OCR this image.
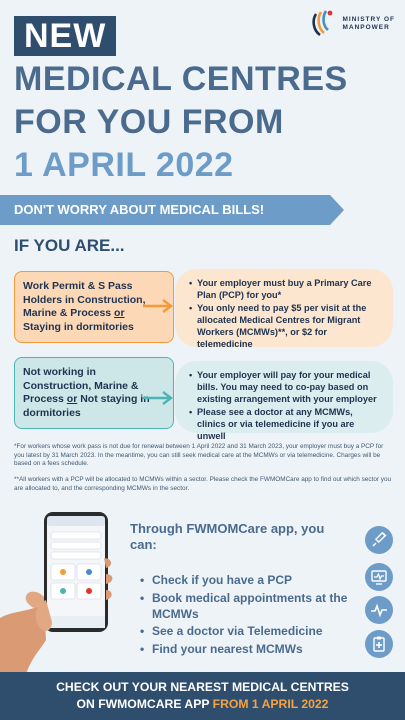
MINISTRY OF
MANPOWER
NEW
MEDICAL CENTRES
FOR YOU FROM
1 APRIL 2022
DON'T WORRY ABOUT MEDICAL BILLS!
IF YOU ARE...
Work Permit & S Pass Holders in Construction, Marine & Process or Staying in dormitories
• Your employer must buy a Primary Care Plan (PCP) for you*
• You only need to pay $5 per visit at the allocated Medical Centres for Migrant Workers (MCMWs)**, or $2 for telemedicine
Not working in Construction, Marine & Process or Not staying in dormitories
• Your employer will pay for your medical bills. You may need to co-pay based on existing arrangement with your employer
• Please see a doctor at any MCMWs, clinics or via telemedicine if you are unwell
*For workers whose work pass is not due for renewal between 1 April 2022 and 31 March 2023, your employer must buy a PCP for you latest by 31 March 2023. In the meantime, you can still seek medical care at the MCMWs or via telemedicine. Charges will be based on a fees schedule.
**All workers with a PCP will be allocated to MCMWs within a sector. Please check the FWMOMCare app to find out which sector you are allocated to, and the corresponding MCMWs in the sector.
Through FWMOMCare app, you can:
• Check if you have a PCP
• Book medical appointments at the MCMWs
• See a doctor via Telemedicine
• Find your nearest MCMWs
CHECK OUT YOUR NEAREST MEDICAL CENTRES
ON FWMOMCARE APP FROM 1 APRIL 2022
